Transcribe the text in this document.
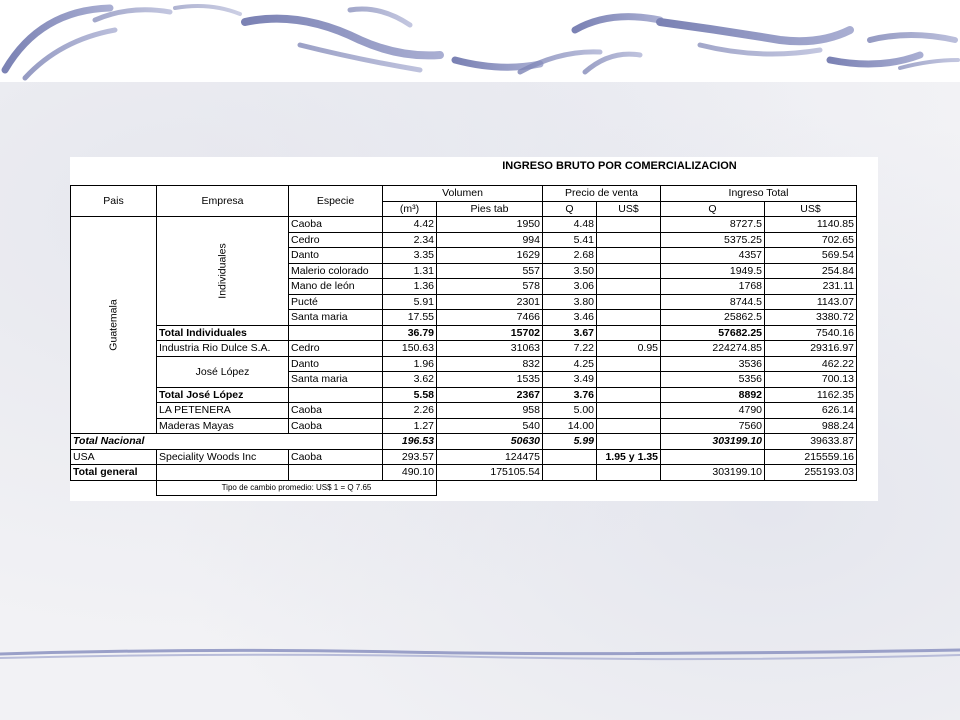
			INGRESO BRUTO POR COMERCIALIZACION						

Pais	Empresa	Especie	Volumen		Precio de venta		Ingreso Total		
			(m³)	Pies tab	Q	US$	Q	US$	
Guatemala	Individuales	Caoba	4.42	1950	4.48		8727.5	1140.85	
		Cedro	2.34	994	5.41		5375.25	702.65	
		Danto	3.35	1629	2.68		4357	569.54	
		Malerio colorado	1.31	557	3.50		1949.5	254.84	
		Mano de león	1.36	578	3.06		1768	231.11	
		Pucté	5.91	2301	3.80		8744.5	1143.07	
		Santa maria	17.55	7466	3.46		25862.5	3380.72	
	Total Individuales		36.79	15702	3.67		57682.25	7540.16	
	Industria Rio Dulce S.A.	Cedro	150.63	31063	7.22	0.95	224274.85	29316.97	
	José López	Danto	1.96	832	4.25		3536	462.22	
		Santa maria	3.62	1535	3.49		5356	700.13	
	Total José López		5.58	2367	3.76		8892	1162.35	
	LA PETENERA	Caoba	2.26	958	5.00		4790	626.14	
	Maderas Mayas	Caoba	1.27	540	14.00		7560	988.24	
Total Nacional			196.53	50630	5.99		303199.10	39633.87	
USA	Speciality Woods Inc	Caoba	293.57	124475		1.95 y 1.35		215559.16	
Total general			490.10	175105.54			303199.10	255193.03	
	Tipo de cambio promedio: US$ 1 = Q 7.65								
